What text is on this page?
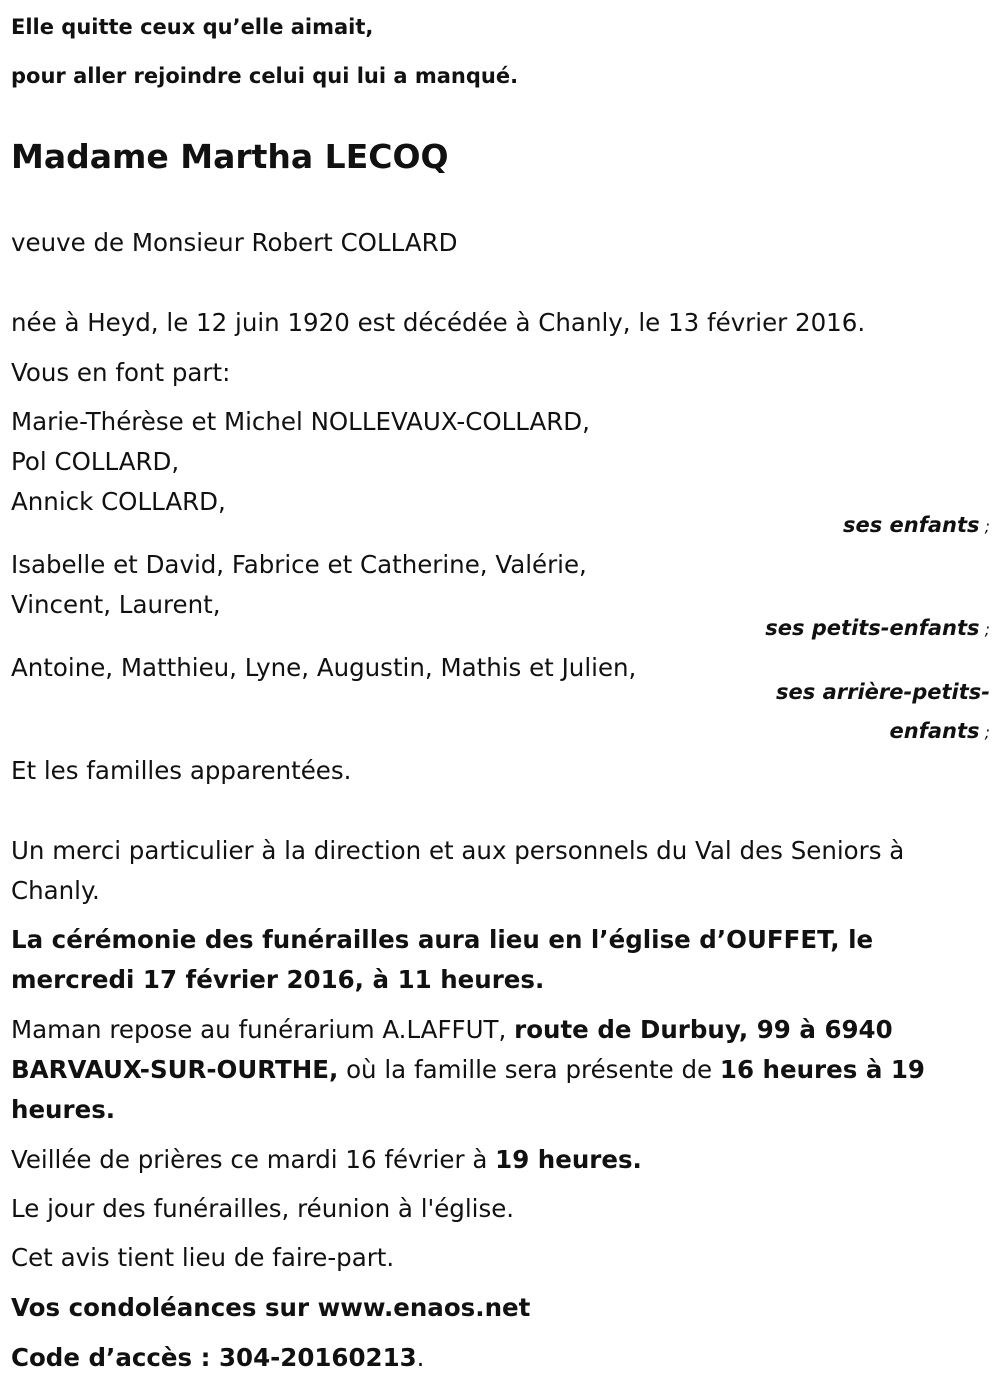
Elle quitte ceux qu’elle aimait,

pour aller rejoindre celui qui lui a manqué.

Madame Martha LECOQ

veuve de Monsieur Robert COLLARD

née à Heyd, le 12 juin 1920 est décédée à Chanly, le 13 février 2016.

Vous en font part:

Marie-Thérèse et Michel NOLLEVAUX-COLLARD,

Pol COLLARD,

Annick COLLARD,

ses enfants ;

Isabelle et David, Fabrice et Catherine, Valérie,

Vincent, Laurent,

ses petits-enfants ;

Antoine, Matthieu, Lyne, Augustin, Mathis et Julien,

ses arrière-petits-
enfants ;

Et les familles apparentées.

Un merci particulier à la direction et aux personnels du Val des Seniors à Chanly.

La cérémonie des funérailles aura lieu en l’église d’OUFFET, le

mercredi 17 février 2016, à 11 heures.

Maman repose au funérarium A.LAFFUT, route de Durbuy, 99 à 6940

BARVAUX-SUR-OURTHE, où la famille sera présente de 16 heures à 19

heures.

Veillée de prières ce mardi 16 février à 19 heures.

Le jour des funérailles, réunion à l'église.

Cet avis tient lieu de faire-part.

Vos condoléances sur www.enaos.net

Code d’accès : 304-20160213.
